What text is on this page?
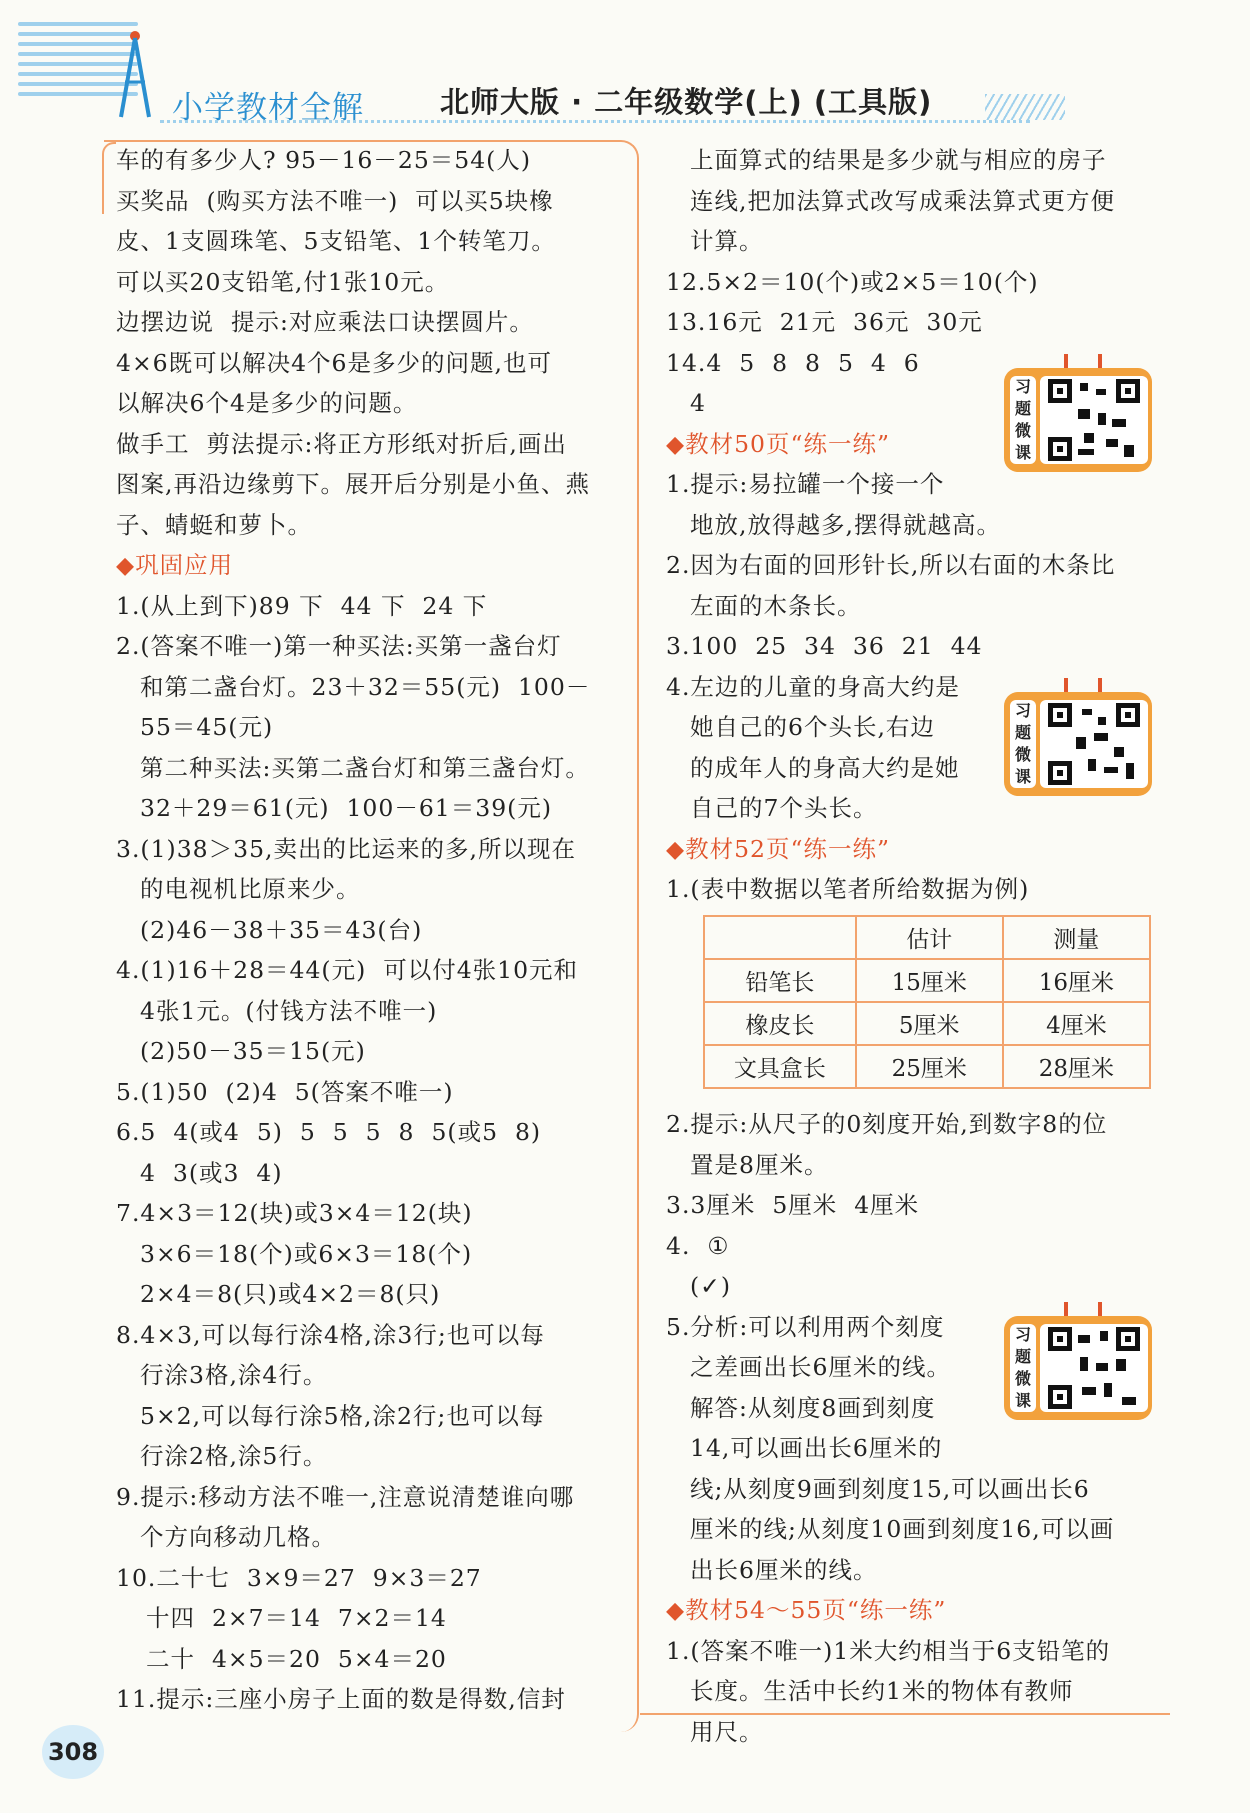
小学教材全解	北师大版 · 二年级数学(上) (工具版)

车的有多少人? 95－16－25＝54(人)

买奖品  (购买方法不唯一)  可以买5块橡

皮、1支圆珠笔、5支铅笔、1个转笔刀。

可以买20支铅笔,付1张10元。

边摆边说  提示:对应乘法口诀摆圆片。

4×6既可以解决4个6是多少的问题,也可

以解决6个4是多少的问题。

做手工  剪法提示:将正方形纸对折后,画出

图案,再沿边缘剪下。展开后分别是小鱼、燕

子、蜻蜓和萝卜。

◆巩固应用

1.(从上到下)89 下  44 下  24 下

2.(答案不唯一)第一种买法:买第一盏台灯

和第二盏台灯。23＋32＝55(元)  100－

55＝45(元)

第二种买法:买第二盏台灯和第三盏台灯。

32＋29＝61(元)  100－61＝39(元)

3.(1)38＞35,卖出的比运来的多,所以现在

的电视机比原来少。

(2)46－38＋35＝43(台)

4.(1)16＋28＝44(元)  可以付4张10元和

4张1元。(付钱方法不唯一)

(2)50－35＝15(元)

5.(1)50  (2)4  5(答案不唯一)

6.5  4(或4  5)  5  5  5  8  5(或5  8)

4  3(或3  4)

7.4×3＝12(块)或3×4＝12(块)

3×6＝18(个)或6×3＝18(个)

2×4＝8(只)或4×2＝8(只)

8.4×3,可以每行涂4格,涂3行;也可以每

行涂3格,涂4行。

5×2,可以每行涂5格,涂2行;也可以每

行涂2格,涂5行。

9.提示:移动方法不唯一,注意说清楚谁向哪

个方向移动几格。

10.二十七  3×9＝27  9×3＝27

十四  2×7＝14  7×2＝14

二十  4×5＝20  5×4＝20

11.提示:三座小房子上面的数是得数,信封

上面算式的结果是多少就与相应的房子

连线,把加法算式改写成乘法算式更方便

计算。

12.5×2＝10(个)或2×5＝10(个)

13.16元  21元  36元  30元

14.4  5  8  8  5  4  6

4

◆教材50页“练一练”

1.提示:易拉罐一个接一个

地放,放得越多,摆得就越高。

2.因为右面的回形针长,所以右面的木条比

左面的木条长。

3.100  25  34  36  21  44

4.左边的儿童的身高大约是

她自己的6个头长,右边

的成年人的身高大约是她

自己的7个头长。

◆教材52页“练一练”

1.(表中数据以笔者所给数据为例)

	估计	测量
铅笔长	15厘米	16厘米
橡皮长	5厘米	4厘米
文具盒长	25厘米	28厘米

2.提示:从尺子的0刻度开始,到数字8的位

置是8厘米。

3.3厘米  5厘米  4厘米

4.  ①

(✓)

5.分析:可以利用两个刻度

之差画出长6厘米的线。

解答:从刻度8画到刻度

14,可以画出长6厘米的

线;从刻度9画到刻度15,可以画出长6

厘米的线;从刻度10画到刻度16,可以画

出长6厘米的线。

◆教材54～55页“练一练”

1.(答案不唯一)1米大约相当于6支铅笔的

长度。生活中长约1米的物体有教师

用尺。

习题微课
习题微课
习题微课
308
